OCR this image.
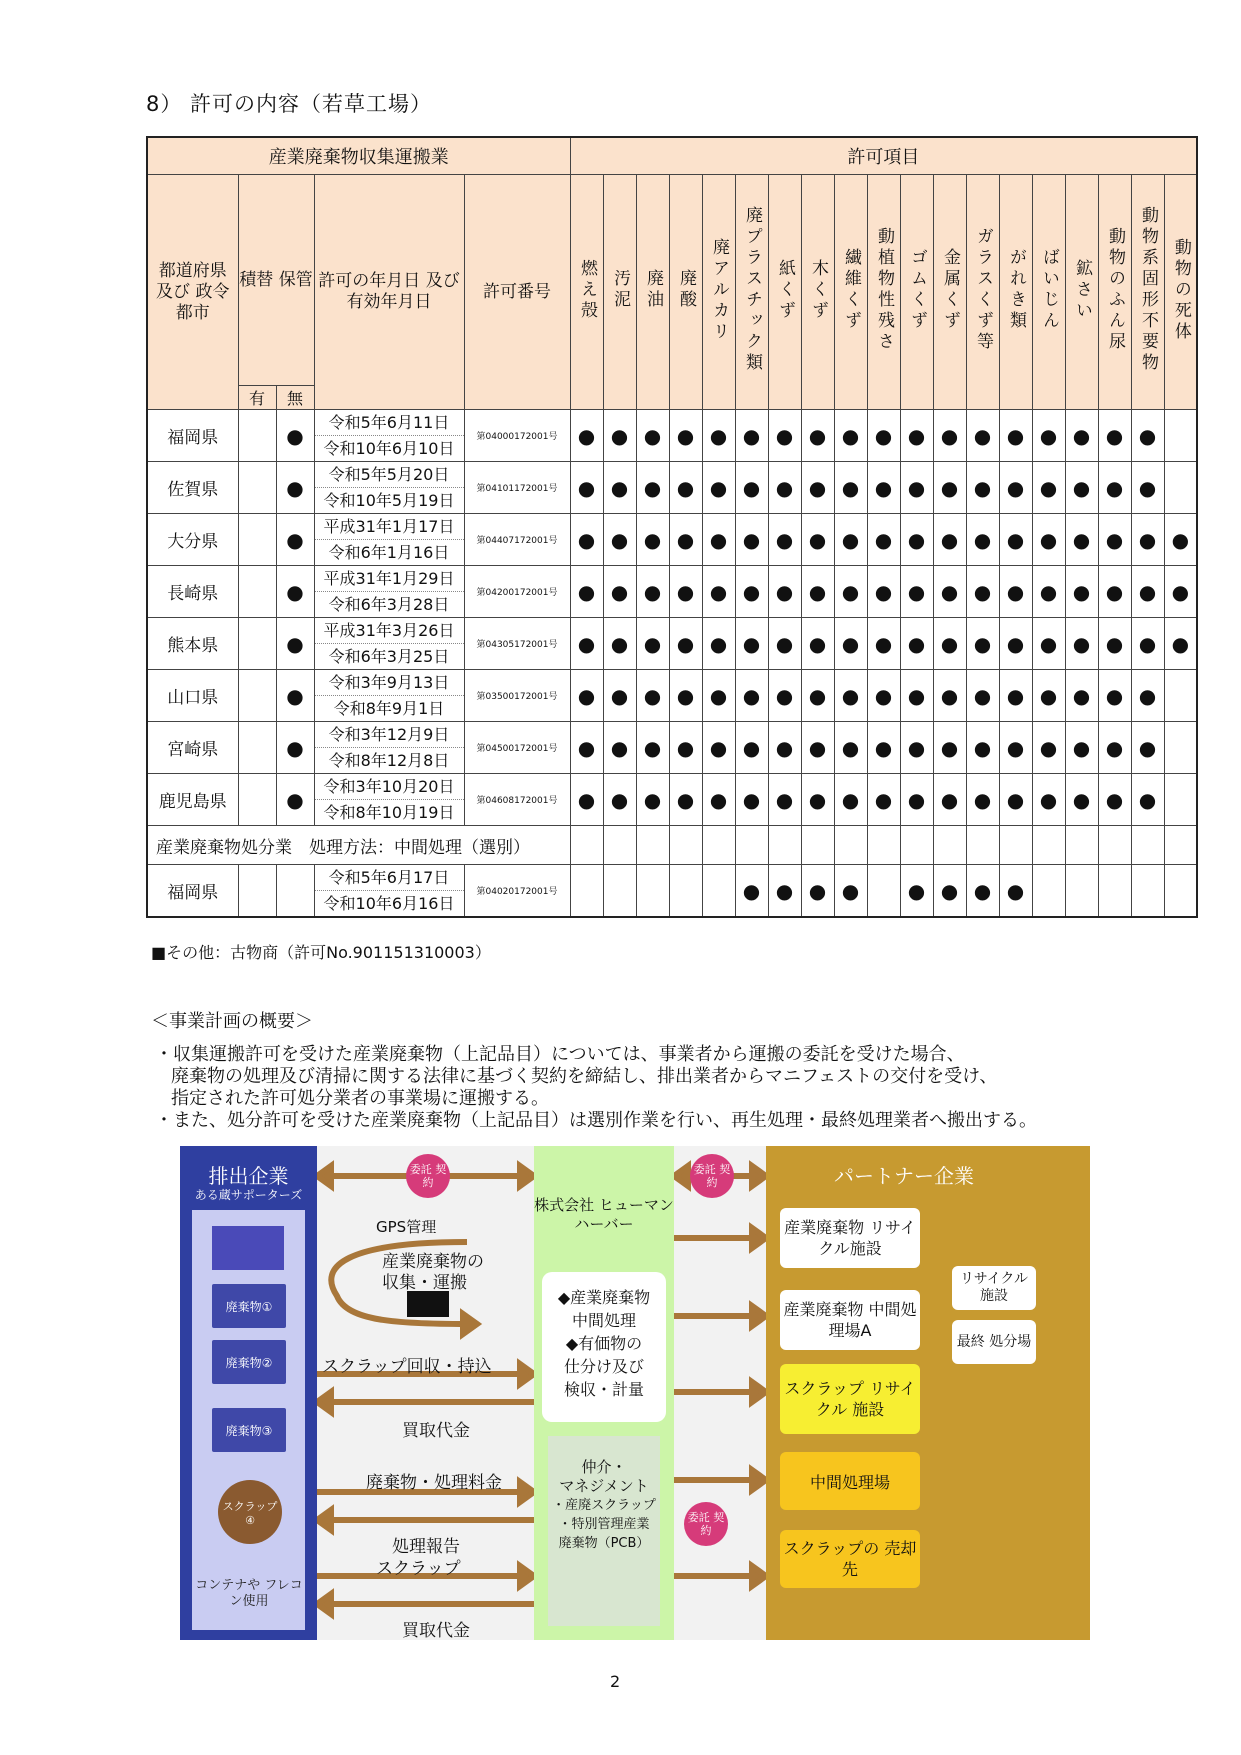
8） 許可の内容（若草工場）
産業廃棄物収集運搬業					許可項目																		
都道府県 及び 政令都市	積替 保管		許可の年月日 及び 有効年月日	許可番号	燃え殻	汚泥	廃油	廃酸	廃アルカリ	廃プラスチック類	紙くず	木くず	繊維くず	動植物性残さ	ゴムくず	金属くず	ガラスくず等	がれき類	ばいじん	鉱さい	動物のふん尿	動物系固形不要物	動物の死体
	有	無																					
福岡県		●	令和5年6月11日
令和10年6月10日	第04000172001号	●	●	●	●	●	●	●	●	●	●	●	●	●	●	●	●	●	●	
佐賀県		●	令和5年5月20日
令和10年5月19日	第04101172001号	●	●	●	●	●	●	●	●	●	●	●	●	●	●	●	●	●	●	
大分県		●	平成31年1月17日
令和6年1月16日	第04407172001号	●	●	●	●	●	●	●	●	●	●	●	●	●	●	●	●	●	●	●
長崎県		●	平成31年1月29日
令和6年3月28日	第04200172001号	●	●	●	●	●	●	●	●	●	●	●	●	●	●	●	●	●	●	●
熊本県		●	平成31年3月26日
令和6年3月25日	第04305172001号	●	●	●	●	●	●	●	●	●	●	●	●	●	●	●	●	●	●	●
山口県		●	令和3年9月13日
令和8年9月1日	第03500172001号	●	●	●	●	●	●	●	●	●	●	●	●	●	●	●	●	●	●	
宮崎県		●	令和3年12月9日
令和8年12月8日	第04500172001号	●	●	●	●	●	●	●	●	●	●	●	●	●	●	●	●	●	●	
鹿児島県		●	令和3年10月20日
令和8年10月19日	第04608172001号	●	●	●	●	●	●	●	●	●	●	●	●	●	●	●	●	●	●	
産業廃棄物処分業　処理方法：中間処理（選別）																							
福岡県			令和5年6月17日
令和10年6月16日	第04020172001号						●	●	●	●		●	●	●	●					
■その他：古物商（許可No.901151310003）
＜事業計画の概要＞

・収集運搬許可を受けた産業廃棄物（上記品目）については、事業者から運搬の委託を受けた場合、

廃棄物の処理及び清掃に関する法律に基づく契約を締結し、排出業者からマニフェストの交付を受け、

指定された許可処分業者の事業場に運搬する。

・また、処分許可を受けた産業廃棄物（上記品目）は選別作業を行い、再生処理・最終処理業者へ搬出する。

排出企業
ある蔵サポーターズ
廃棄物①
廃棄物②
廃棄物③
スクラップ④
コンテナや フレコン使用
委託 契約
GPS管理
産業廃棄物の 収集・運搬
スクラップ回収・持込
買取代金
廃棄物・処理料金
処理報告
スクラップ
買取代金
株式会社 ヒューマンハーバー
◆産業廃棄物
中間処理
◆有価物の
仕分け及び
検収・計量
仲介・
マネジメント
・産廃スクラップ
・特別管理産業
廃棄物（PCB）
委託 契約
委託 契約
パートナー企業
産業廃棄物 リサイクル施設
産業廃棄物 中間処理場A
リサイクル 施設
最終 処分場
スクラップ リサイクル 施設
中間処理場
スクラップの 売却先
2
